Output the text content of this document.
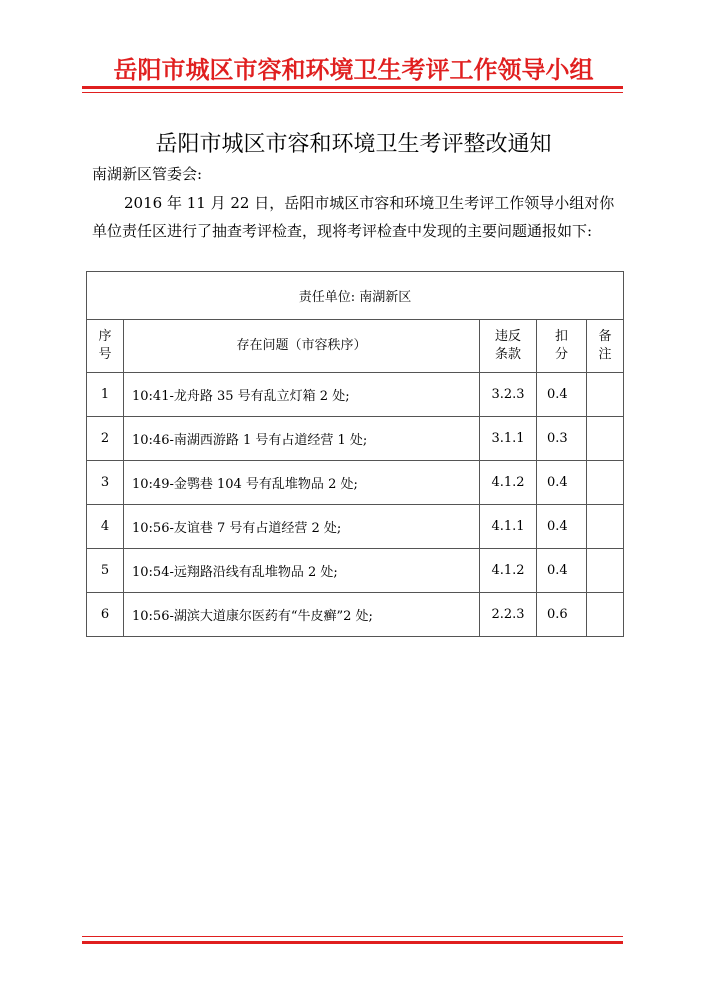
岳阳市城区市容和环境卫生考评工作领导小组
岳阳市城区市容和环境卫生考评整改通知
南湖新区管委会:
2016 年 11 月 22 日，岳阳市城区市容和环境卫生考评工作领导小组对你单位责任区进行了抽查考评检查，现将考评检查中发现的主要问题通报如下:
责任单位: 南湖新区				
序号	存在问题（市容秩序）	违反条款	扣分	备注
1	10:41-龙舟路 35 号有乱立灯箱 2 处;	3.2.3	0.4	
2	10:46-南湖西游路 1 号有占道经营 1 处;	3.1.1	0.3	
3	10:49-金鹗巷 104 号有乱堆物品 2 处;	4.1.2	0.4	
4	10:56-友谊巷 7 号有占道经营 2 处;	4.1.1	0.4	
5	10:54-远翔路沿线有乱堆物品 2 处;	4.1.2	0.4	
6	10:56-湖滨大道康尔医药有“牛皮癣”2 处;	2.2.3	0.6	
